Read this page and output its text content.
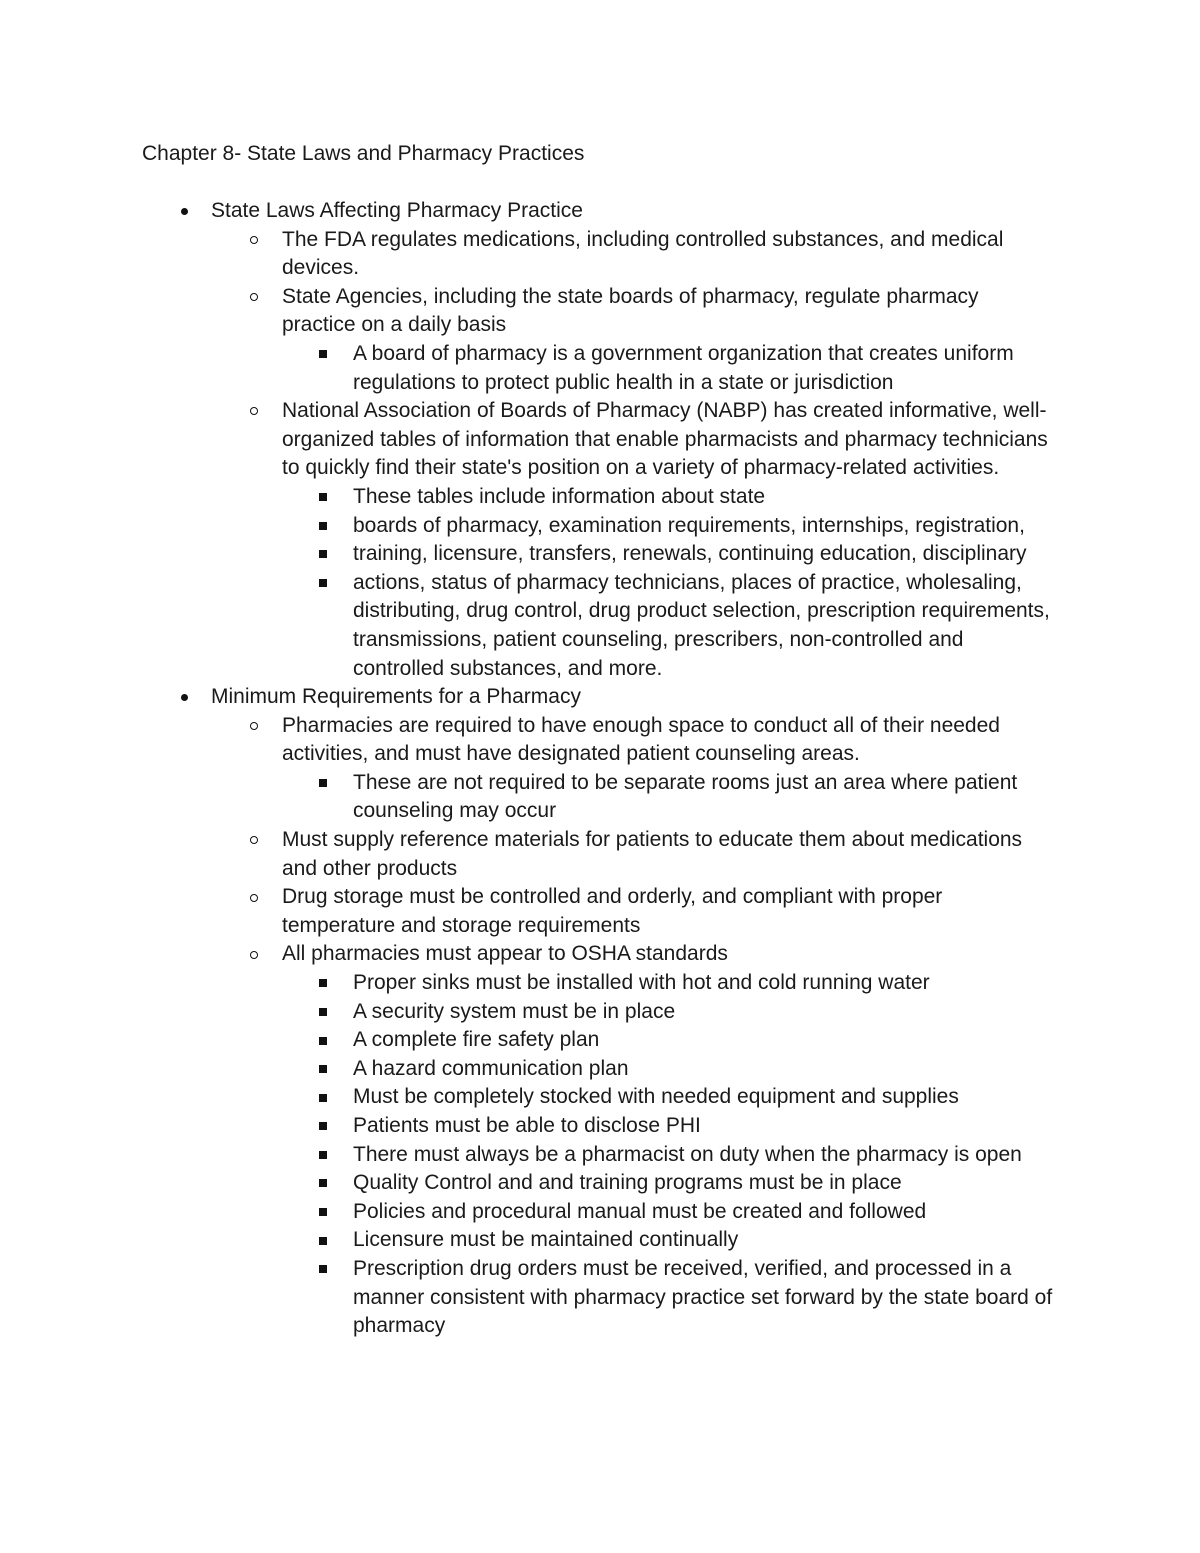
Chapter 8- State Laws and Pharmacy Practices
State Laws Affecting Pharmacy Practice
The FDA regulates medications, including controlled substances, and medical devices.
State Agencies, including the state boards of pharmacy, regulate pharmacy practice on a daily basis
A board of pharmacy is a government organization that creates uniform regulations to protect public health in a state or jurisdiction
National Association of Boards of Pharmacy (NABP) has created informative, well-organized tables of information that enable pharmacists and pharmacy technicians to quickly find their state's position on a variety of pharmacy-related activities.
These tables include information about state
boards of pharmacy, examination requirements, internships, registration,
training, licensure, transfers, renewals, continuing education, disciplinary
actions, status of pharmacy technicians, places of practice, wholesaling, distributing, drug control, drug product selection, prescription requirements, transmissions, patient counseling, prescribers, non-controlled and controlled substances, and more.
Minimum Requirements for a Pharmacy
Pharmacies are required to have enough space to conduct all of their needed activities, and must have designated patient counseling areas.
These are not required to be separate rooms just an area where patient counseling may occur
Must supply reference materials for patients to educate them about medications and other products
Drug storage must be controlled and orderly, and compliant with proper temperature and storage requirements
All pharmacies must appear to OSHA standards
Proper sinks must be installed with hot and cold running water
A security system must be in place
A complete fire safety plan
A hazard communication plan
Must be completely stocked with needed equipment and supplies
Patients must be able to disclose PHI
There must always be a pharmacist on duty when the pharmacy is open
Quality Control and and training programs must be in place
Policies and procedural manual must be created and followed
Licensure must be maintained continually
Prescription drug orders must be received, verified, and processed in a manner consistent with pharmacy practice set forward by the state board of pharmacy
